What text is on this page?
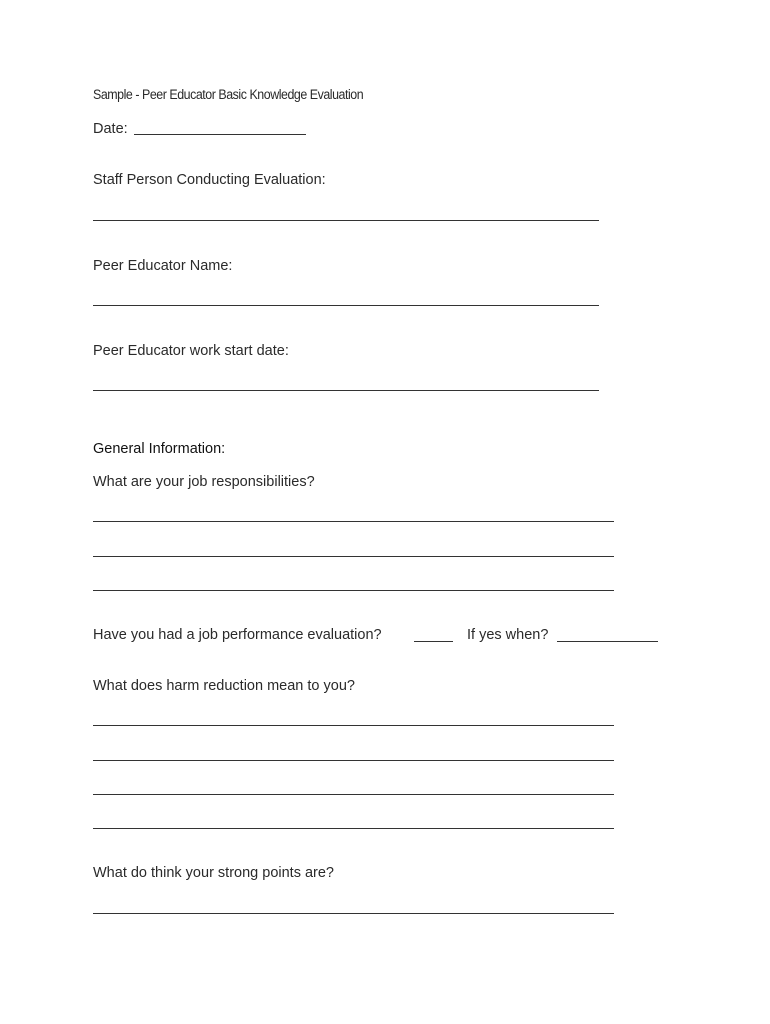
Sample - Peer Educator Basic Knowledge Evaluation
Date:
Staff Person Conducting Evaluation:
Peer Educator Name:
Peer Educator work start date:
General Information:
What are your job responsibilities?
Have you had a job performance evaluation?	If yes when?
What does harm reduction mean to you?
What do think your strong points are?
